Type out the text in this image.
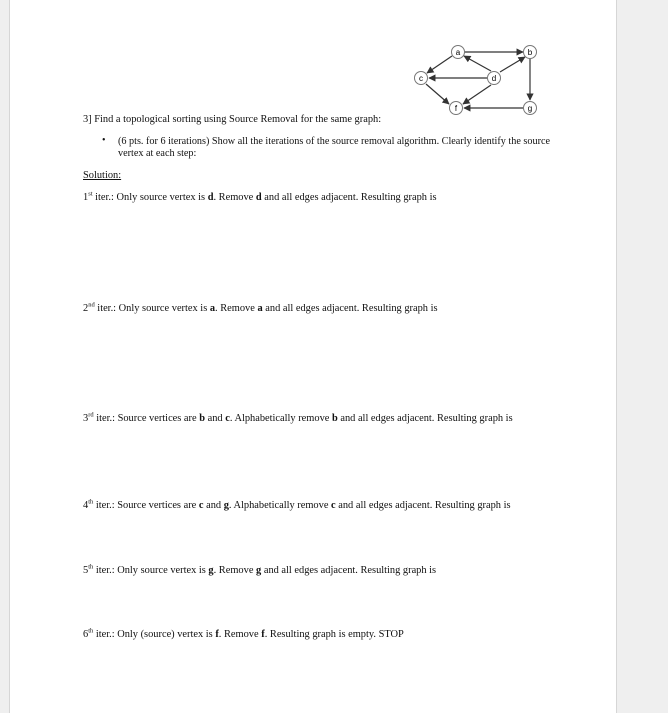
a	b
c	d
f	g
3] Find a topological sorting using Source Removal for the same graph:
• (6 pts. for 6 iterations) Show all the iterations of the source removal algorithm. Clearly identify the source vertex at each step:
Solution:
1st iter.: Only source vertex is d. Remove d and all edges adjacent. Resulting graph is
2nd iter.: Only source vertex is a. Remove a and all edges adjacent. Resulting graph is
3rd iter.: Source vertices are b and c. Alphabetically remove b and all edges adjacent. Resulting graph is
4th iter.: Source vertices are c and g. Alphabetically remove c and all edges adjacent. Resulting graph is
5th iter.: Only source vertex is g. Remove g and all edges adjacent. Resulting graph is
6th iter.: Only (source) vertex is f. Remove f. Resulting graph is empty. STOP
